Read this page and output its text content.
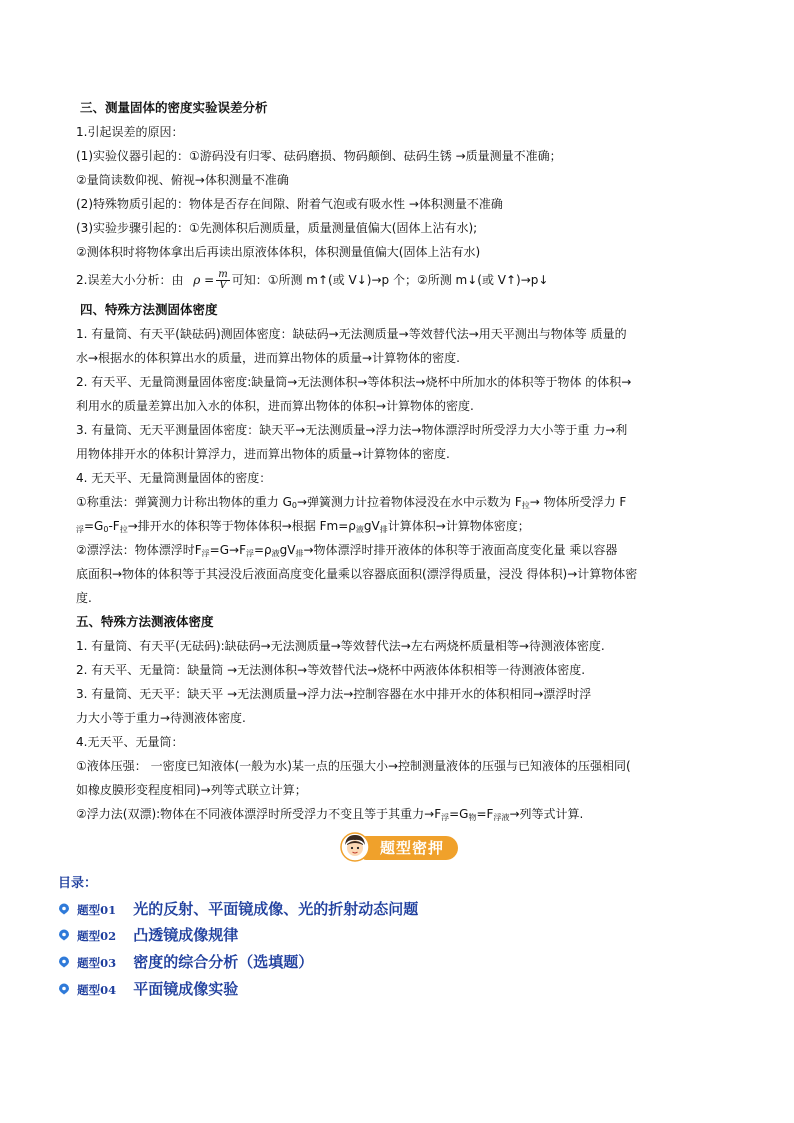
三、测量固体的密度实验误差分析
1.引起误差的原因：
(1)实验仪器引起的：①游码没有归零、砝码磨损、物码颠倒、砝码生锈 →质量测量不准确；
②量筒读数仰视、俯视→体积测量不准确
(2)特殊物质引起的：物体是否存在间隙、附着气泡或有吸水性 →体积测量不准确
(3)实验步骤引起的：①先测体积后测质量，质量测量值偏大(固体上沾有水);
②测体积时将物体拿出后再读出原液体体积，体积测量值偏大(固体上沾有水)
2.误差大小分析：由 $\rho = \frac{m}{V}$ 可知：①所测 m↑(或 V↓)→p 个；②所测 m↓(或 V↑)→p↓
四、特殊方法测固体密度
1. 有量筒、有天平(缺砝码)测固体密度：缺砝码→无法测质量→等效替代法→用天平测出与物体等 质量的
水→根据水的体积算出水的质量，进而算出物体的质量→计算物体的密度.
2. 有天平、无量筒测量固体密度:缺量筒→无法测体积→等体积法→烧杯中所加水的体积等于物体 的体积→
利用水的质量差算出加入水的体积，进而算出物体的体积→计算物体的密度.
3. 有量筒、无天平测量固体密度：缺天平→无法测质量→浮力法→物体漂浮时所受浮力大小等于重 力→利
用物体排开水的体积计算浮力，进而算出物体的质量→计算物体的密度.
4. 无天平、无量筒测量固体的密度：
①称重法：弹簧测力计称出物体的重力 $G_0\to$弹簧测力计拉着物体浸没在水中示数为 $F_拉\to$ 物体所受浮力 F
$_浮=G_0-F_拉\to$排开水的体积等于物体体积→根据 $Fm=\rho_液gV_排$计算体积→计算物体密度；
②漂浮法：物体漂浮时$F_浮=G\to F_浮=\rho_液gV_排\to$物体漂浮时排开液体的体积等于液面高度变化量 乘以容器
底面积→物体的体积等于其浸没后液面高度变化量乘以容器底面积(漂浮得质量，浸没 得体积)→计算物体密
度.
五、特殊方法测液体密度
1. 有量筒、有天平(无砝码):缺砝码→无法测质量→等效替代法→左右两烧杯质量相等→待测液体密度.
2. 有天平、无量筒：缺量筒 →无法测体积→等效替代法→烧杯中两液体体积相等一待测液体密度.
3. 有量筒、无天平：缺天平 →无法测质量→浮力法→控制容器在水中排开水的体积相同→漂浮时浮
力大小等于重力→待测液体密度.
4.无天平、无量筒：
①液体压强： 一密度已知液体(一般为水)某一点的压强大小→控制测量液体的压强与已知液体的压强相同(
如橡皮膜形变程度相同)→列等式联立计算；
②浮力法(双漂):物体在不同液体漂浮时所受浮力不变且等于其重力$\to F_浮=G_物=F_{浮液}\to$列等式计算.
题型密押
目录：
题型01 光的反射、平面镜成像、光的折射动态问题
题型02 凸透镜成像规律
题型03 密度的综合分析（选填题）
题型04 平面镜成像实验
